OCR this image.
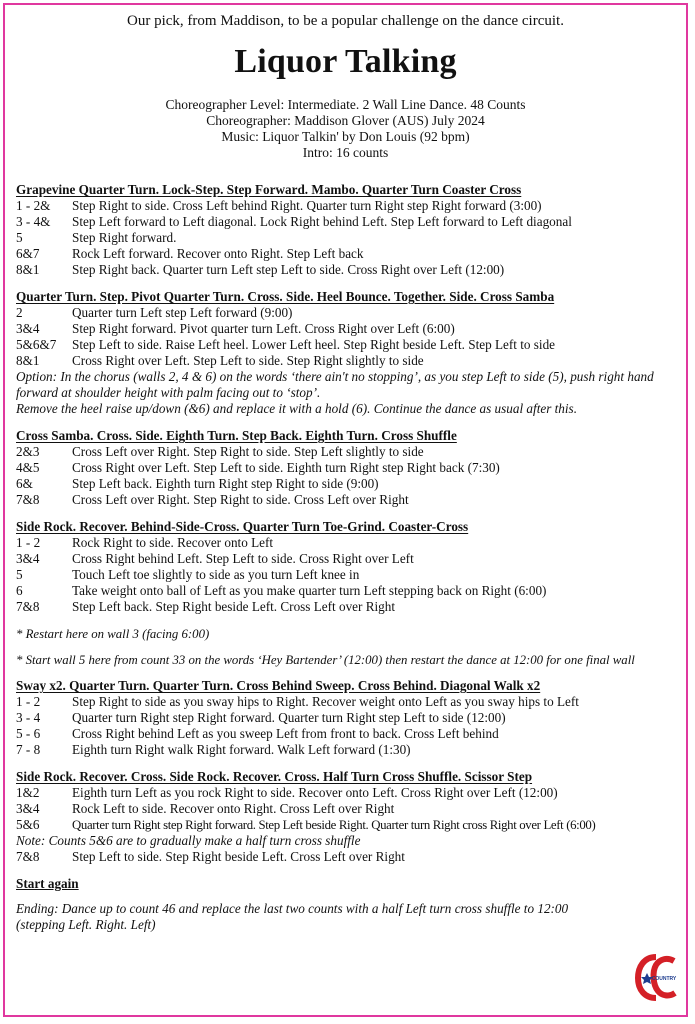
Our pick, from Maddison, to be a popular challenge on the dance circuit.
Liquor Talking
Choreographer Level: Intermediate. 2 Wall Line Dance. 48 Counts
Choreographer: Maddison Glover (AUS) July 2024
Music: Liquor Talkin' by Don Louis (92 bpm)
Intro: 16 counts
Grapevine Quarter Turn. Lock-Step. Step Forward. Mambo. Quarter Turn Coaster Cross
1 - 2&	Step Right to side. Cross Left behind Right. Quarter turn Right step Right forward (3:00)
3 - 4&	Step Left forward to Left diagonal. Lock Right behind Left. Step Left forward to Left diagonal
5	Step Right forward.
6&7	Rock Left forward. Recover onto Right. Step Left back
8&1	Step Right back. Quarter turn Left step Left to side. Cross Right over Left (12:00)
Quarter Turn. Step. Pivot Quarter Turn. Cross. Side. Heel Bounce. Together. Side. Cross Samba
2	Quarter turn Left step Left forward (9:00)
3&4	Step Right forward. Pivot quarter turn Left. Cross Right over Left (6:00)
5&6&7	Step Left to side. Raise Left heel. Lower Left heel. Step Right beside Left. Step Left to side
8&1	Cross Right over Left. Step Left to side. Step Right slightly to side
Option: In the chorus (walls 2, 4 & 6) on the words ‘there ain't no stopping’, as you step Left to side (5), push right hand forward at shoulder height with palm facing out to ‘stop’.
Remove the heel raise up/down (&6) and replace it with a hold (6). Continue the dance as usual after this.
Cross Samba. Cross. Side. Eighth Turn. Step Back. Eighth Turn. Cross Shuffle
2&3	Cross Left over Right. Step Right to side. Step Left slightly to side
4&5	Cross Right over Left. Step Left to side. Eighth turn Right step Right back (7:30)
6&	Step Left back. Eighth turn Right step Right to side (9:00)
7&8	Cross Left over Right. Step Right to side. Cross Left over Right
Side Rock. Recover. Behind-Side-Cross. Quarter Turn Toe-Grind. Coaster-Cross
1 - 2	Rock Right to side. Recover onto Left
3&4	Cross Right behind Left. Step Left to side. Cross Right over Left
5	Touch Left toe slightly to side as you turn Left knee in
6	Take weight onto ball of Left as you make quarter turn Left stepping back on Right (6:00)
7&8	Step Left back. Step Right beside Left. Cross Left over Right
* Restart here on wall 3 (facing 6:00)
* Start wall 5 here from count 33 on the words ‘Hey Bartender’ (12:00) then restart the dance at 12:00 for one final wall
Sway x2. Quarter Turn. Quarter Turn. Cross Behind Sweep. Cross Behind. Diagonal Walk x2
1 - 2	Step Right to side as you sway hips to Right. Recover weight onto Left as you sway hips to Left
3 - 4	Quarter turn Right step Right forward. Quarter turn Right step Left to side (12:00)
5 - 6	Cross Right behind Left as you sweep Left from front to back. Cross Left behind
7 - 8	Eighth turn Right walk Right forward. Walk Left forward (1:30)
Side Rock. Recover. Cross. Side Rock. Recover. Cross. Half Turn Cross Shuffle. Scissor Step
1&2	Eighth turn Left as you rock Right to side. Recover onto Left. Cross Right over Left (12:00)
3&4	Rock Left to side. Recover onto Right. Cross Left over Right
5&6	Quarter turn Right step Right forward. Step Left beside Right. Quarter turn Right cross Right over Left (6:00)
Note: Counts 5&6 are to gradually make a half turn cross shuffle
7&8	Step Left to side. Step Right beside Left. Cross Left over Right
Start again
Ending: Dance up to count 46 and replace the last two counts with a half Left turn cross shuffle to 12:00 (stepping Left. Right. Left)
COUNTRY
